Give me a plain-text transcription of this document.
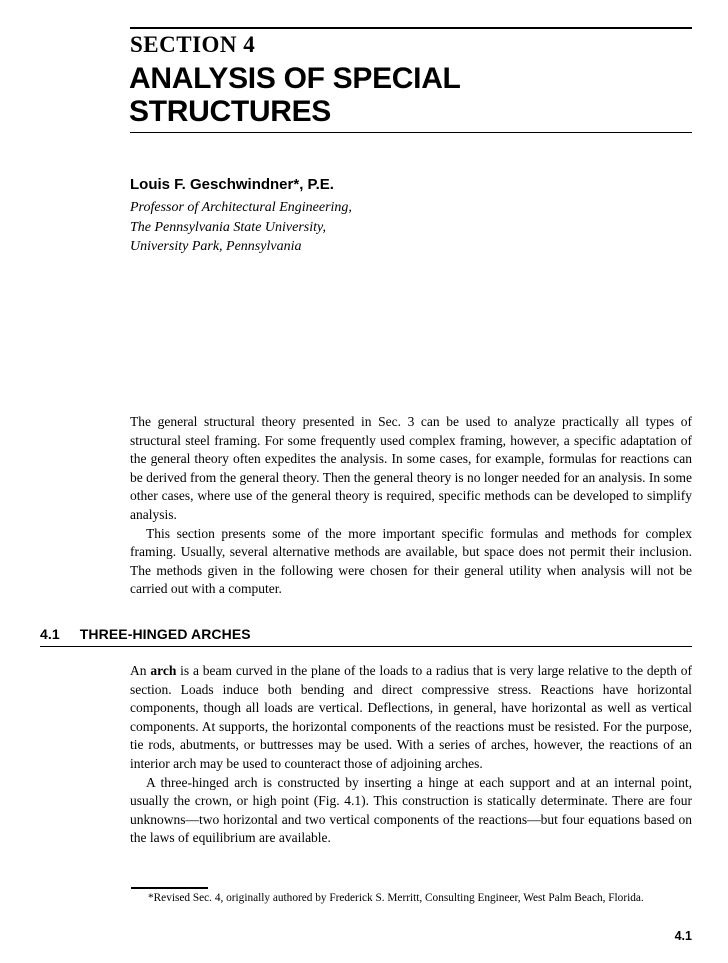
SECTION 4
ANALYSIS OF SPECIAL
STRUCTURES
Louis F. Geschwindner*, P.E.
Professor of Architectural Engineering,
The Pennsylvania State University,
University Park, Pennsylvania

The general structural theory presented in Sec. 3 can be used to analyze practically all types of structural steel framing. For some frequently used complex framing, however, a specific adaptation of the general theory often expedites the analysis. In some cases, for example, formulas for reactions can be derived from the general theory. Then the general theory is no longer needed for an analysis. In some other cases, where use of the general theory is required, specific methods can be developed to simplify analysis.

This section presents some of the more important specific formulas and methods for complex framing. Usually, several alternative methods are available, but space does not permit their inclusion. The methods given in the following were chosen for their general utility when analysis will not be carried out with a computer.

4.1 THREE-HINGED ARCHES

An arch is a beam curved in the plane of the loads to a radius that is very large relative to the depth of section. Loads induce both bending and direct compressive stress. Reactions have horizontal components, though all loads are vertical. Deflections, in general, have horizontal as well as vertical components. At supports, the horizontal components of the reactions must be resisted. For the purpose, tie rods, abutments, or buttresses may be used. With a series of arches, however, the reactions of an interior arch may be used to counteract those of adjoining arches.

A three-hinged arch is constructed by inserting a hinge at each support and at an internal point, usually the crown, or high point (Fig. 4.1). This construction is statically determinate. There are four unknowns—two horizontal and two vertical components of the reactions—but four equations based on the laws of equilibrium are available.

*Revised Sec. 4, originally authored by Frederick S. Merritt, Consulting Engineer, West Palm Beach, Florida.
4.1
